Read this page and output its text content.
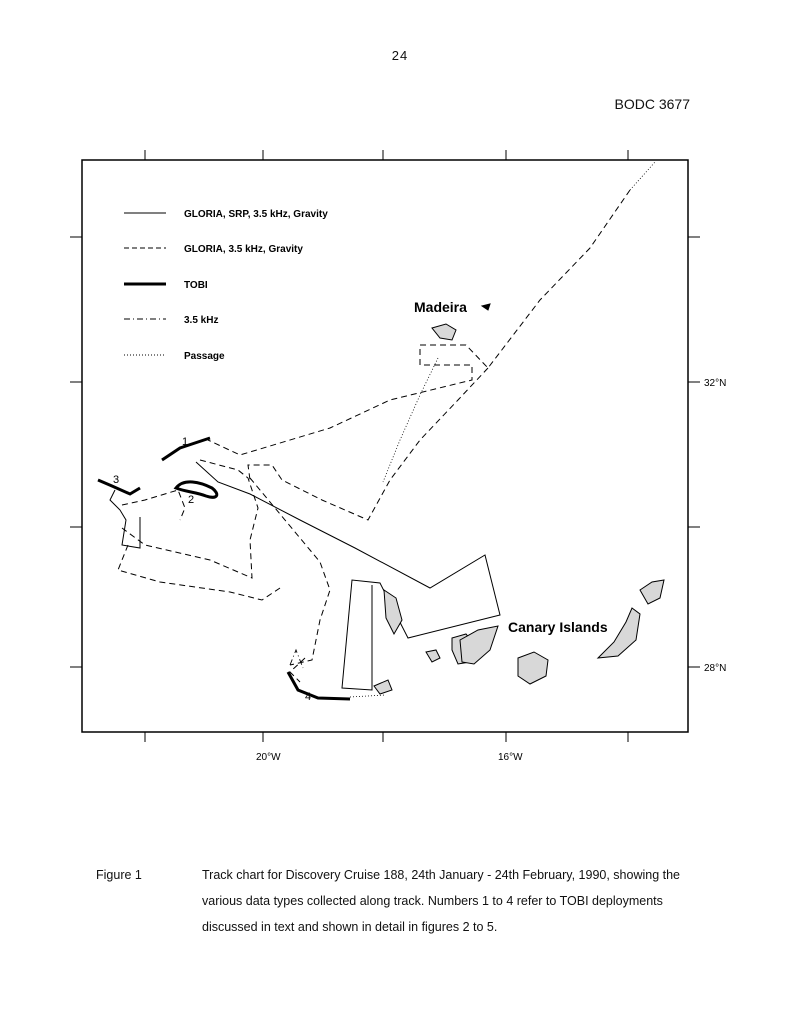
24
BODC 3677
20°W	16°W
32°N
28°N
GLORIA, SRP, 3.5 kHz, Gravity
GLORIA, 3.5 kHz, Gravity
TOBI
3.5 kHz
Passage
1
2
3
4
Madeira
Canary Islands
Figure 1	Track chart for Discovery Cruise 188, 24th January - 24th February, 1990, showing the various data types collected along track. Numbers 1 to 4 refer to TOBI deployments discussed in text and shown in detail in figures 2 to 5.
